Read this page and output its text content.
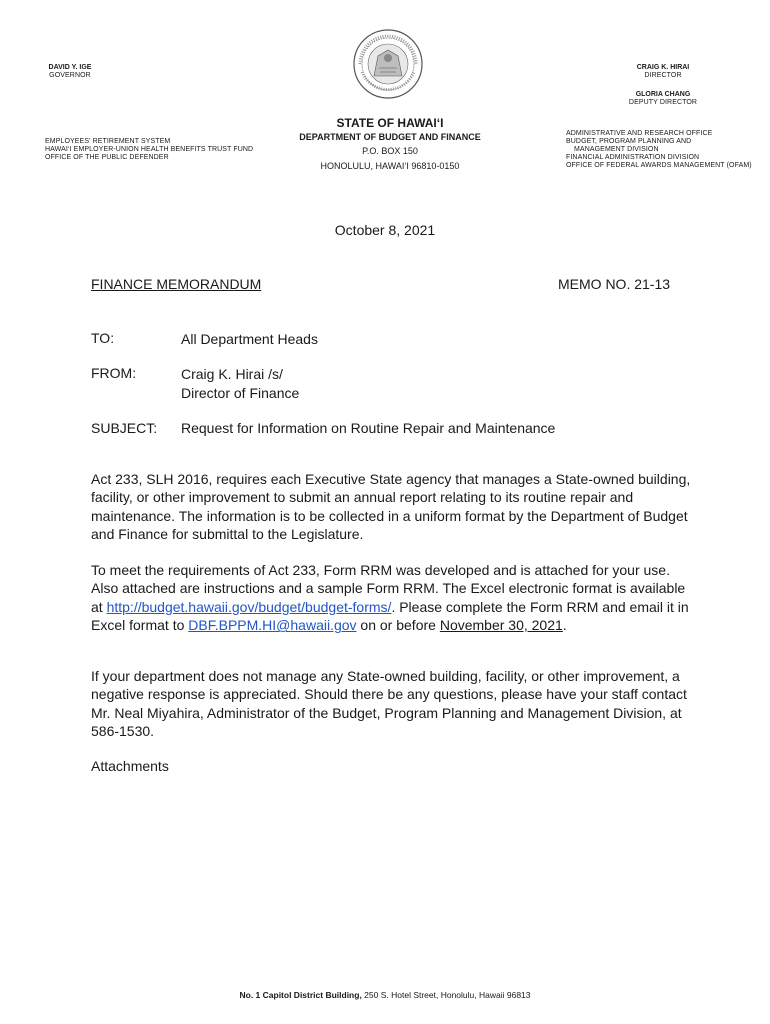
DAVID Y. IGE
GOVERNOR
CRAIG K. HIRAI
DIRECTOR
GLORIA CHANG
DEPUTY DIRECTOR
STATE OF HAWAI‘I
DEPARTMENT OF BUDGET AND FINANCE
P.O. BOX 150
HONOLULU, HAWAI‘I 96810-0150
EMPLOYEES' RETIREMENT SYSTEM
HAWAI‘I EMPLOYER-UNION HEALTH BENEFITS TRUST FUND
OFFICE OF THE PUBLIC DEFENDER
ADMINISTRATIVE AND RESEARCH OFFICE
BUDGET, PROGRAM PLANNING AND
MANAGEMENT DIVISION
FINANCIAL ADMINISTRATION DIVISION
OFFICE OF FEDERAL AWARDS MANAGEMENT (OFAM)
October 8, 2021
FINANCE MEMORANDUM	MEMO NO. 21-13
TO:	All Department Heads
FROM:	Craig K. Hirai /s/
Director of Finance
SUBJECT: Request for Information on Routine Repair and Maintenance
Act 233, SLH 2016, requires each Executive State agency that manages a State-owned building, facility, or other improvement to submit an annual report relating to its routine repair and maintenance. The information is to be collected in a uniform format by the Department of Budget and Finance for submittal to the Legislature.
To meet the requirements of Act 233, Form RRM was developed and is attached for your use. Also attached are instructions and a sample Form RRM. The Excel electronic format is available at http://budget.hawaii.gov/budget/budget-forms/. Please complete the Form RRM and email it in Excel format to DBF.BPPM.HI@hawaii.gov on or before November 30, 2021.
If your department does not manage any State-owned building, facility, or other improvement, a negative response is appreciated. Should there be any questions, please have your staff contact Mr. Neal Miyahira, Administrator of the Budget, Program Planning and Management Division, at 586-1530.
Attachments
No. 1 Capitol District Building, 250 S. Hotel Street, Honolulu, Hawaii 96813
